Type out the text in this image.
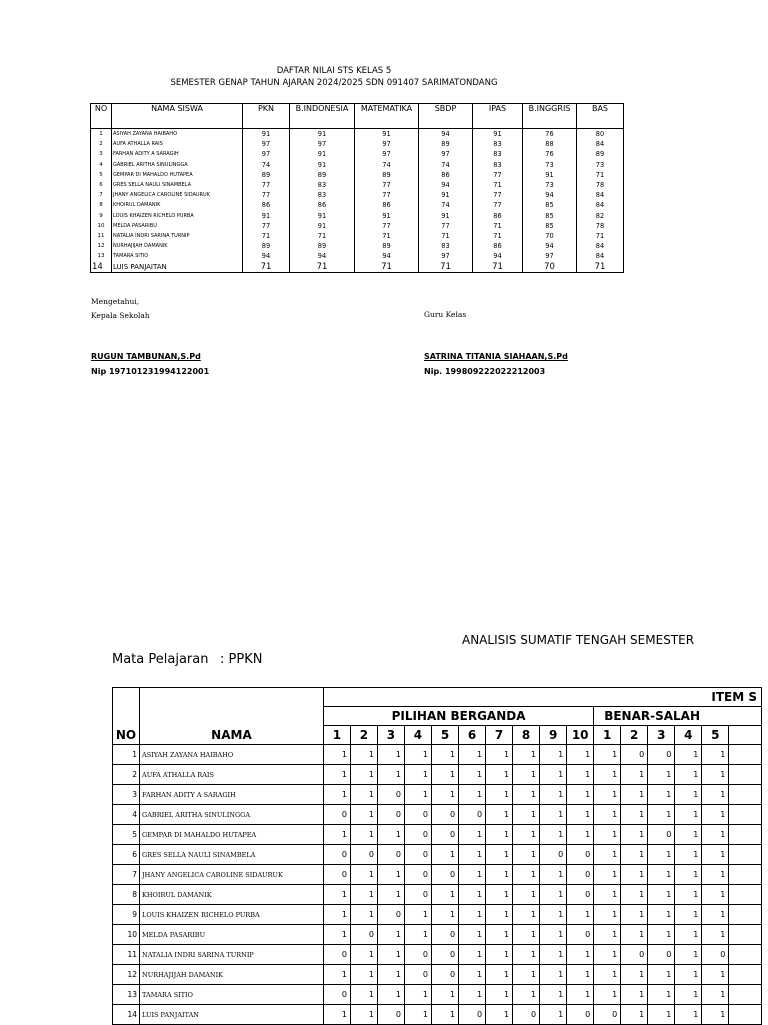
DAFTAR NILAI STS KELAS 5
SEMESTER GENAP TAHUN AJARAN 2024/2025 SDN 091407 SARIMATONDANG
NO	NAMA SISWA	PKN	B.INDONESIA	MATEMATIKA	SBDP	IPAS	B.INGGRIS	BAS
1	ASIYAH ZAYANA HAIBAHO	91	91	91	94	91	76	80
2	AUFA ATHALLA RAIS	97	97	97	89	83	88	84
3	FARHAN ADITY A SARAGIH	97	91	97	97	83	76	89
4	GABRIEL ARITHA SINULINGGA	74	91	74	74	83	73	73
5	GEMPAR DI MAHALDO HUTAPEA	89	89	89	86	77	91	71
6	GRES SELLA NAULI SINAMBELA	77	83	77	94	71	73	78
7	JHANY ANGELICA CAROLINE SIDAURUK	77	83	77	91	77	94	84
8	KHOIRUL DAMANIK	86	86	86	74	77	85	84
9	LOUIS KHAIZEN RICHELO PURBA	91	91	91	91	86	85	82
10	MELDA PASARIBU	77	91	77	77	71	85	78
11	NATALIA INDRI SARINA TURNIP	71	71	71	71	71	70	71
12	NURHAJIJAH DAMANIK	89	89	89	83	86	94	84
13	TAMARA SITIO	94	94	94	97	94	97	84
14	LUIS PANJAITAN	71	71	71	71	71	70	71
Mengetahui,
Kepala Sekolah	Guru Kelas
RUGUN TAMBUNAN,S.Pd
Nip 197101231994122001
SATRINA TITANIA SIAHAAN,S.Pd
Nip. 199809222022212003
ANALISIS SUMATIF TENGAH SEMESTER
Mata Pelajaran : PPKN
		ITEM S															
		PILIHAN BERGANDA										BENAR-SALAH					
NO	NAMA	1	2	3	4	5	6	7	8	9	10	1	2	3	4	5	
1	ASIYAH ZAYANA HAIBAHO	1	1	1	1	1	1	1	1	1	1	1	0	0	1	1	
2	AUFA ATHALLA RAIS	1	1	1	1	1	1	1	1	1	1	1	1	1	1	1	
3	FARHAN ADITY A SARAGIH	1	1	0	1	1	1	1	1	1	1	1	1	1	1	1	
4	GABRIEL ARITHA SINULINGGA	0	1	0	0	0	0	1	1	1	1	1	1	1	1	1	
5	GEMPAR DI MAHALDO HUTAPEA	1	1	1	0	0	1	1	1	1	1	1	1	0	1	1	
6	GRES SELLA NAULI SINAMBELA	0	0	0	0	1	1	1	1	0	0	1	1	1	1	1	
7	JHANY ANGELICA CAROLINE SIDAURUK	0	1	1	0	0	1	1	1	1	0	1	1	1	1	1	
8	KHOIRUL DAMANIK	1	1	1	0	1	1	1	1	1	0	1	1	1	1	1	
9	LOUIS KHAIZEN RICHELO PURBA	1	1	0	1	1	1	1	1	1	1	1	1	1	1	1	
10	MELDA PASARIBU	1	0	1	1	0	1	1	1	1	0	1	1	1	1	1	
11	NATALIA INDRI SARINA TURNIP	0	1	1	0	0	1	1	1	1	1	1	0	0	1	0	
12	NURHAJIJAH DAMANIK	1	1	1	0	0	1	1	1	1	1	1	1	1	1	1	
13	TAMARA SITIO	0	1	1	1	1	1	1	1	1	1	1	1	1	1	1	
14	LUIS PANJAITAN	1	1	0	1	1	0	1	0	1	0	0	1	1	1	1	
